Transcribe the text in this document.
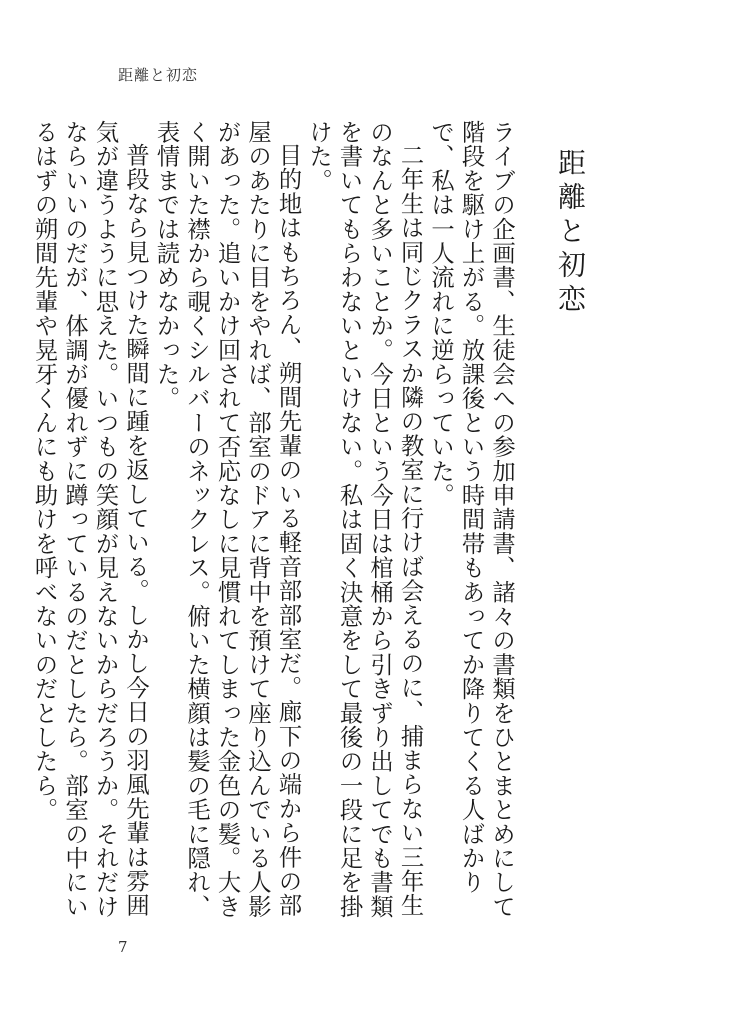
距離と初恋
距離と初恋

ライブの企画書、生徒会への参加申請書、諸々の書類をひとまとめにして階段を駆け上がる。放課後という時間帯もあってか降りてくる人ばかりで、私は一人流れに逆らっていた。

二年生は同じクラスか隣の教室に行けば会えるのに、捕まらない三年生のなんと多いことか。今日という今日は棺桶から引きずり出してでも書類を書いてもらわないといけない。私は固く決意をして最後の一段に足を掛けた。

目的地はもちろん、朔間先輩のいる軽音部部室だ。廊下の端から件の部屋のあたりに目をやれば、部室のドアに背中を預けて座り込んでいる人影があった。追いかけ回されて否応なしに見慣れてしまった金色の髪。大きく開いた襟から覗くシルバーのネックレス。俯いた横顔は髪の毛に隠れ、表情までは読めなかった。

普段なら見つけた瞬間に踵を返している。しかし今日の羽風先輩は雰囲気が違うように思えた。いつもの笑顔が見えないからだろうか。それだけならいいのだが、体調が優れずに蹲っているのだとしたら。部室の中にいるはずの朔間先輩や晃牙くんにも助けを呼べないのだとしたら。

7
